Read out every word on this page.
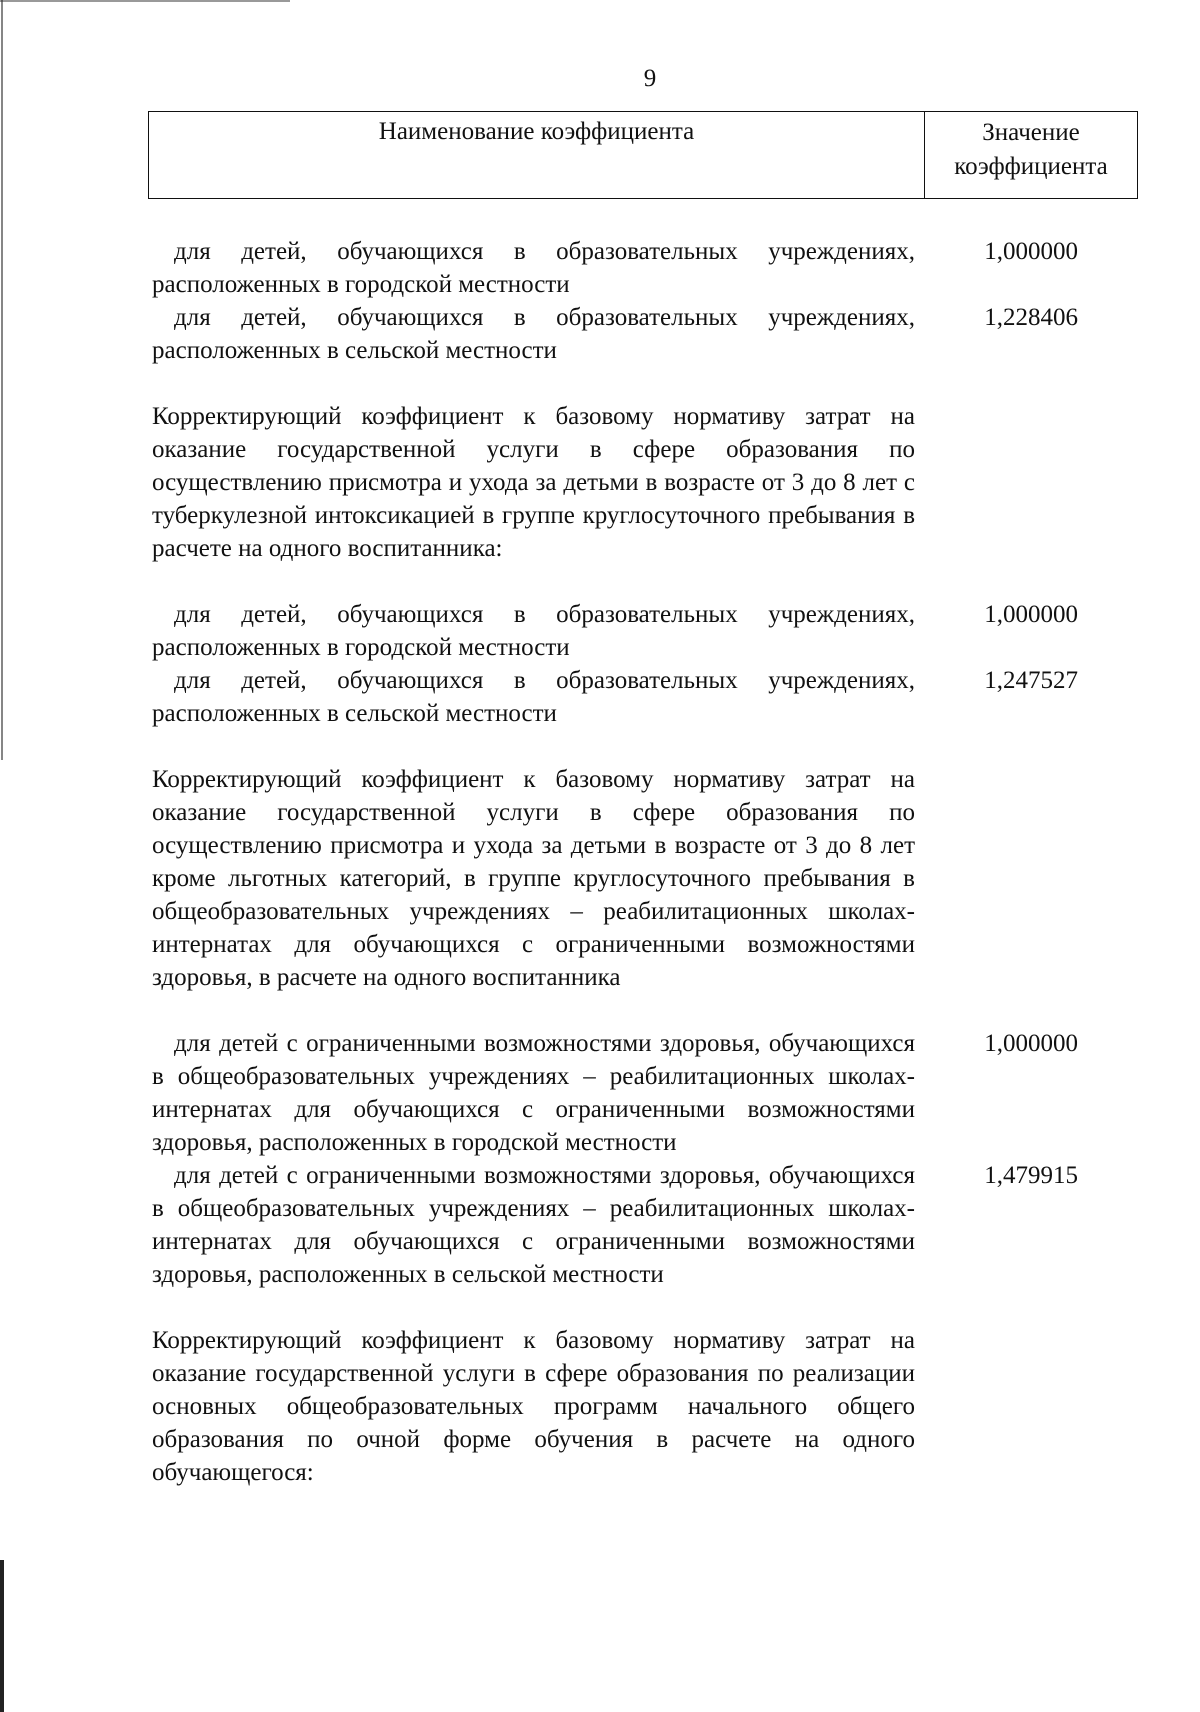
9
Наименование коэффициента	Значение
коэффициента
для детей, обучающихся в образовательных учреждениях, расположенных в городской местности
1,000000
для детей, обучающихся в образовательных учреждениях, расположенных в сельской местности
1,228406
Корректирующий коэффициент к базовому нормативу затрат на оказание государственной услуги в сфере образования по осуществлению присмотра и ухода за детьми в возрасте от 3 до 8 лет с туберкулезной интоксикацией в группе круглосуточного пребывания в расчете на одного воспитанника:
для детей, обучающихся в образовательных учреждениях, расположенных в городской местности
1,000000
для детей, обучающихся в образовательных учреждениях, расположенных в сельской местности
1,247527
Корректирующий коэффициент к базовому нормативу затрат на оказание государственной услуги в сфере образования по осуществлению присмотра и ухода за детьми в возрасте от 3 до 8 лет кроме льготных категорий, в группе круглосуточного пребывания в общеобразовательных учреждениях – реабилитационных школах-интернатах для обучающихся с ограниченными возможностями здоровья, в расчете на одного воспитанника
для детей с ограниченными возможностями здоровья, обучающихся в общеобразовательных учреждениях – реабилитационных школах-интернатах для обучающихся с ограниченными возможностями здоровья, расположенных в городской местности
1,000000
для детей с ограниченными возможностями здоровья, обучающихся в общеобразовательных учреждениях – реабилитационных школах-интернатах для обучающихся с ограниченными возможностями здоровья, расположенных в сельской местности
1,479915
Корректирующий коэффициент к базовому нормативу затрат на оказание государственной услуги в сфере образования по реализации основных общеобразовательных программ начального общего образования по очной форме обучения в расчете на одного обучающегося:
